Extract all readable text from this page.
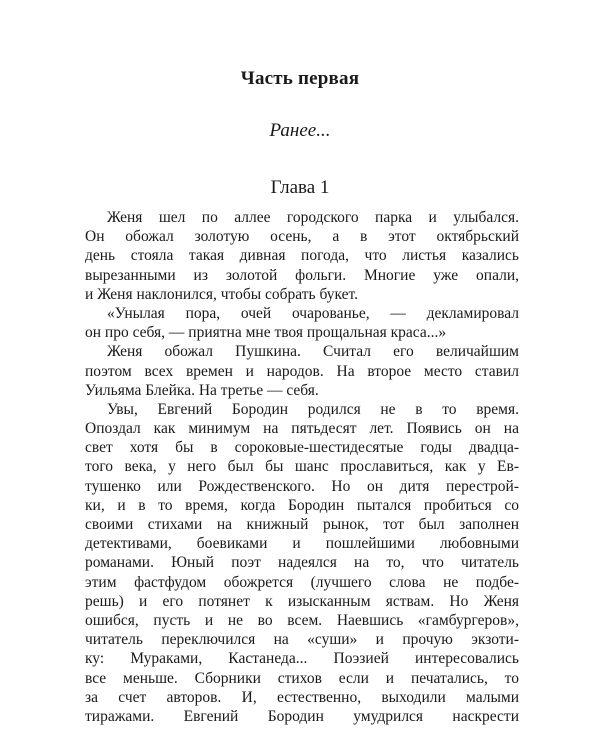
Часть первая
Ранее...
Глава 1
Женя шел по аллее городского парка и улыбался.
Он обожал золотую осень, а в этот октябрьский
день стояла такая дивная погода, что листья казались
вырезанными из золотой фольги. Многие уже опали,
и Женя наклонился, чтобы собрать букет.
«Унылая пора, очей очарованье, — декламировал
он про себя, — приятна мне твоя прощальная краса...»
Женя обожал Пушкина. Считал его величайшим
поэтом всех времен и народов. На второе место ставил
Уильяма Блейка. На третье — себя.
Увы, Евгений Бородин родился не в то время.
Опоздал как минимум на пятьдесят лет. Появись он на
свет хотя бы в сороковые-шестидесятые годы двадца-
того века, у него был бы шанс прославиться, как у Ев-
тушенко или Рождественского. Но он дитя перестрой-
ки, и в то время, когда Бородин пытался пробиться со
своими стихами на книжный рынок, тот был заполнен
детективами, боевиками и пошлейшими любовными
романами. Юный поэт надеялся на то, что читатель
этим фастфудом обожрется (лучшего слова не подбе-
решь) и его потянет к изысканным яствам. Но Женя
ошибся, пусть и не во всем. Наевшись «гамбургеров»,
читатель переключился на «суши» и прочую экзоти-
ку: Мураками, Кастанеда... Поэзией интересовались
все меньше. Сборники стихов если и печатались, то
за счет авторов. И, естественно, выходили малыми
тиражами. Евгений Бородин умудрился наскрести
